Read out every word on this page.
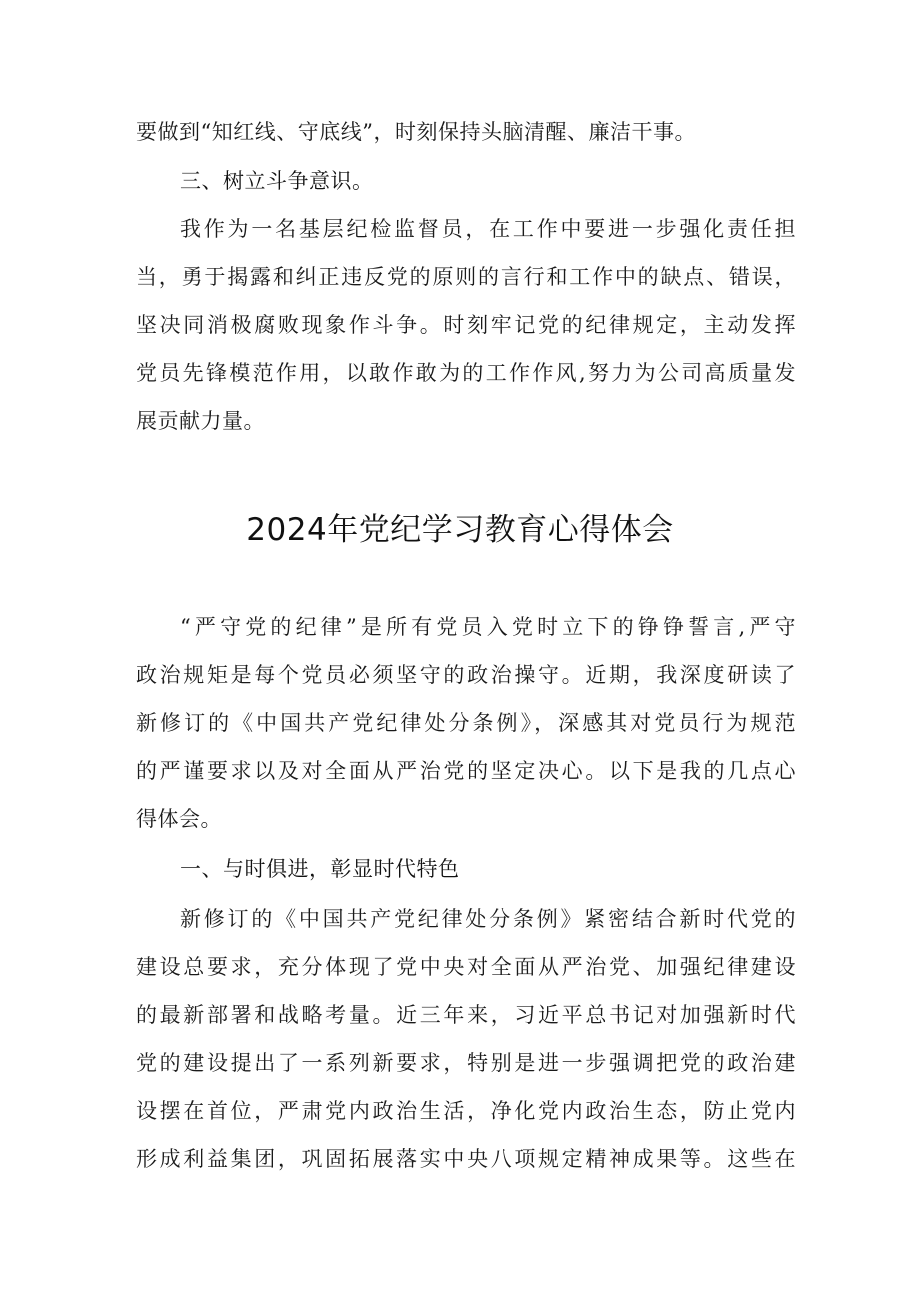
要做到“知红线、守底线”，时刻保持头脑清醒、廉洁干事。
三、树立斗争意识。
我作为一名基层纪检监督员，在工作中要进一步强化责任担
当，勇于揭露和纠正违反党的原则的言行和工作中的缺点、错误，
坚决同消极腐败现象作斗争。时刻牢记党的纪律规定，主动发挥
党员先锋模范作用，以敢作敢为的工作作风,努力为公司高质量发
展贡献力量。
2024年党纪学习教育心得体会
“严守党的纪律”是所有党员入党时立下的铮铮誓言,严守
政治规矩是每个党员必须坚守的政治操守。近期，我深度研读了
新修订的《中国共产党纪律处分条例》，深感其对党员行为规范
的严谨要求以及对全面从严治党的坚定决心。以下是我的几点心
得体会。
一、与时俱进，彰显时代特色
新修订的《中国共产党纪律处分条例》紧密结合新时代党的
建设总要求，充分体现了党中央对全面从严治党、加强纪律建设
的最新部署和战略考量。近三年来，习近平总书记对加强新时代
党的建设提出了一系列新要求，特别是进一步强调把党的政治建
设摆在首位，严肃党内政治生活，净化党内政治生态，防止党内
形成利益集团，巩固拓展落实中央八项规定精神成果等。这些在
